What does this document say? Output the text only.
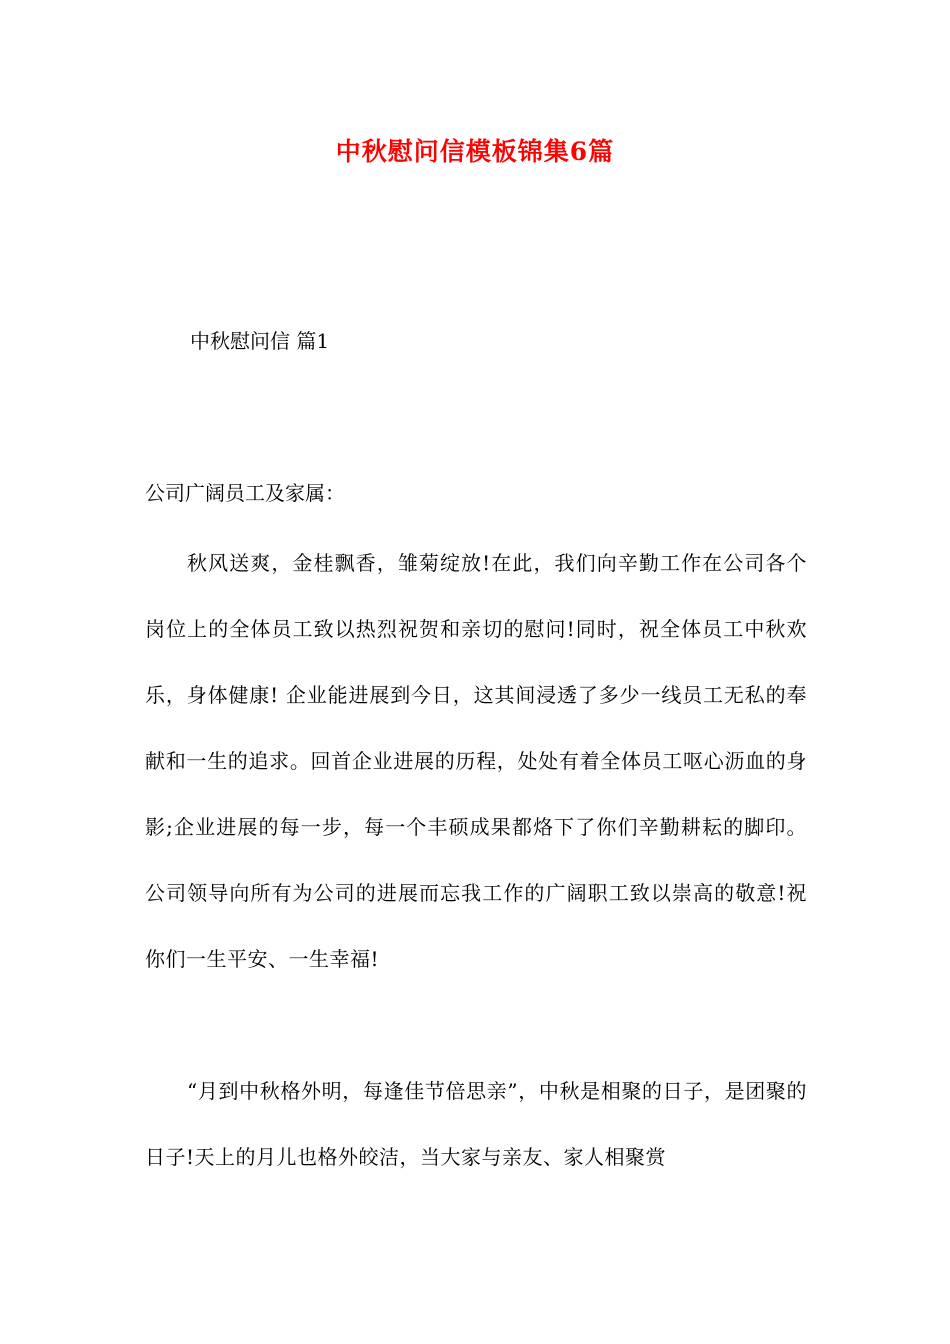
中秋慰问信模板锦集6篇

中秋慰问信 篇1

公司广阔员工及家属：

秋风送爽，金桂飘香，雏菊绽放!在此，我们向辛勤工作在公司各个岗位上的全体员工致以热烈祝贺和亲切的慰问!同时，祝全体员工中秋欢乐，身体健康! 企业能进展到今日，这其间浸透了多少一线员工无私的奉献和一生的追求。回首企业进展的历程，处处有着全体员工呕心沥血的身影;企业进展的每一步，每一个丰硕成果都烙下了你们辛勤耕耘的脚印。公司领导向所有为公司的进展而忘我工作的广阔职工致以崇高的敬意!祝你们一生平安、一生幸福!

“月到中秋格外明，每逢佳节倍思亲”，中秋是相聚的日子，是团聚的日子!天上的月儿也格外皎洁，当大家与亲友、家人相聚赏
